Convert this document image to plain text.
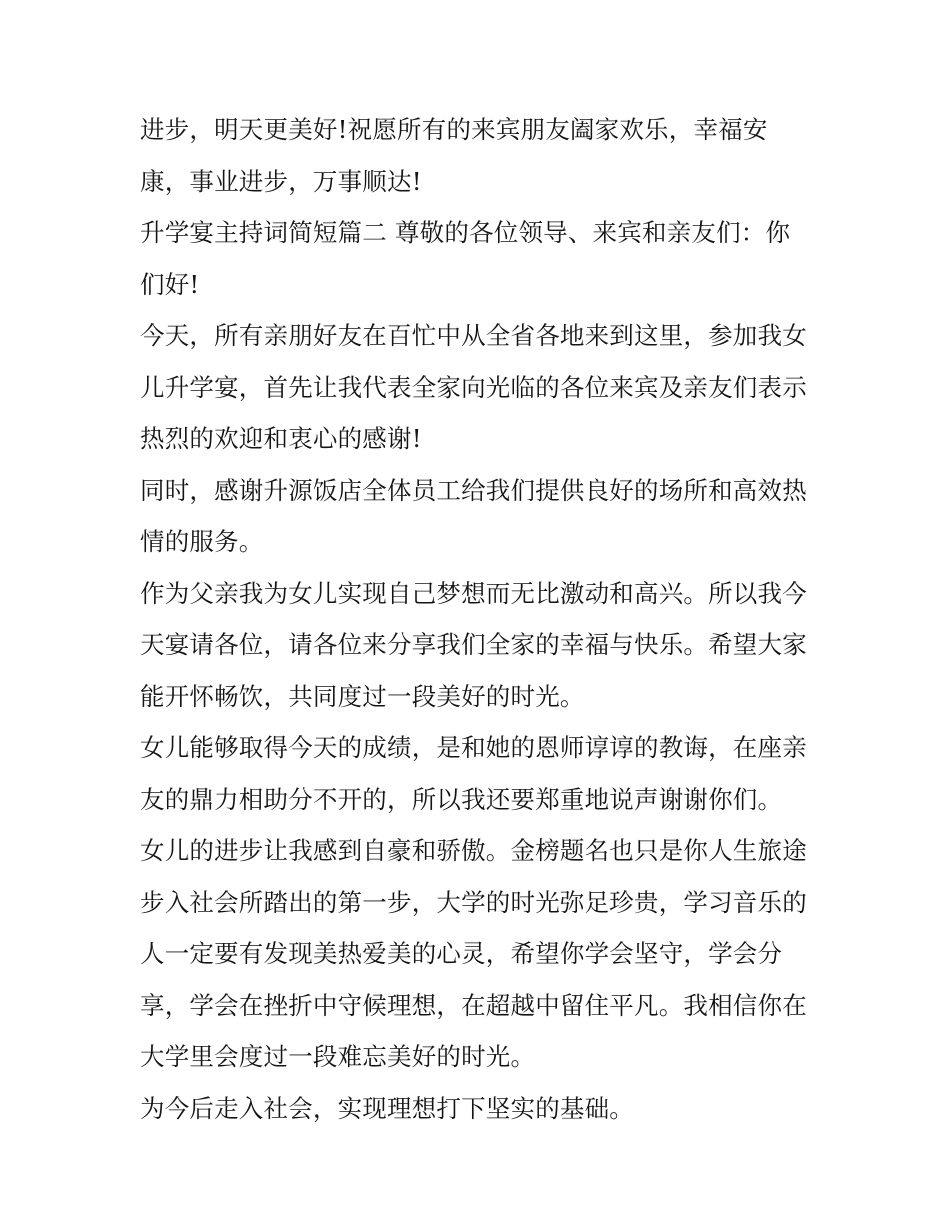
进步，明天更美好!祝愿所有的来宾朋友阖家欢乐，幸福安
康，事业进步，万事顺达!
升学宴主持词简短篇二 尊敬的各位领导、来宾和亲友们：你
们好!
今天，所有亲朋好友在百忙中从全省各地来到这里，参加我女
儿升学宴，首先让我代表全家向光临的各位来宾及亲友们表示
热烈的欢迎和衷心的感谢!
同时，感谢升源饭店全体员工给我们提供良好的场所和高效热
情的服务。
作为父亲我为女儿实现自己梦想而无比激动和高兴。所以我今
天宴请各位，请各位来分享我们全家的幸福与快乐。希望大家
能开怀畅饮，共同度过一段美好的时光。
女儿能够取得今天的成绩，是和她的恩师谆谆的教诲，在座亲
友的鼎力相助分不开的，所以我还要郑重地说声谢谢你们。
女儿的进步让我感到自豪和骄傲。金榜题名也只是你人生旅途
步入社会所踏出的第一步，大学的时光弥足珍贵，学习音乐的
人一定要有发现美热爱美的心灵，希望你学会坚守，学会分
享，学会在挫折中守候理想，在超越中留住平凡。我相信你在
大学里会度过一段难忘美好的时光。
为今后走入社会，实现理想打下坚实的基础。
